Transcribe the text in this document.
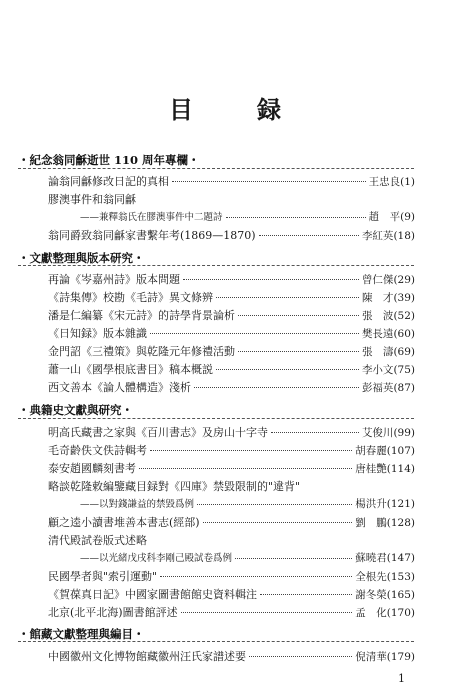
目　録
・紀念翁同龢逝世 110 周年專欄・
論翁同龢修改日記的真相	王忠良 (1)
膠澳事件和翁同龢
——兼釋翁氏在膠澳事件中二題詩	趙　平 (9)
翁同爵致翁同龢家書繫年考(1869—1870)	李紅英 (18)
・文獻整理與版本研究・
再論《岑嘉州詩》版本問題	曾仁傑 (29)
《詩集傳》校勘《毛詩》異文條辨	陳　才 (39)
潘是仁編纂《宋元詩》的詩學背景論析	張　波 (52)
《日知録》版本雜識	樊長遠 (60)
金門詔《三禮策》與乾隆元年修禮活動	張　濤 (69)
蕭一山《國學根底書目》稿本概説	李小文 (75)
西文善本《論人體構造》淺析	彭福英 (87)
・典籍史文獻與研究・
明高氏藏書之家與《百川書志》及房山十字寺	艾俊川 (99)
毛奇齡佚文佚詩輯考	胡春麗 (107)
泰安趙國麟刻書考	唐桂艷 (114)
略談乾隆敕編鑒藏目録對《四庫》禁毀限制的"違背"
——以對錢謙益的禁毀爲例	楊洪升 (121)
顧之逵小讀書堆善本書志(經部)	劉　鵬 (128)
清代殿試卷版式述略
——以光緒戊戌科李剛己殿試卷爲例	蘇曉君 (147)
民國學者與"索引運動"	全根先 (153)
《賀葆真日記》中國家圖書館館史資料輯注	謝冬榮 (165)
北京(北平北海)圖書館評述	孟　化 (170)
・館藏文獻整理與編目・
中國徽州文化博物館藏徽州汪氏家譜述要	倪清華 (179)
1
